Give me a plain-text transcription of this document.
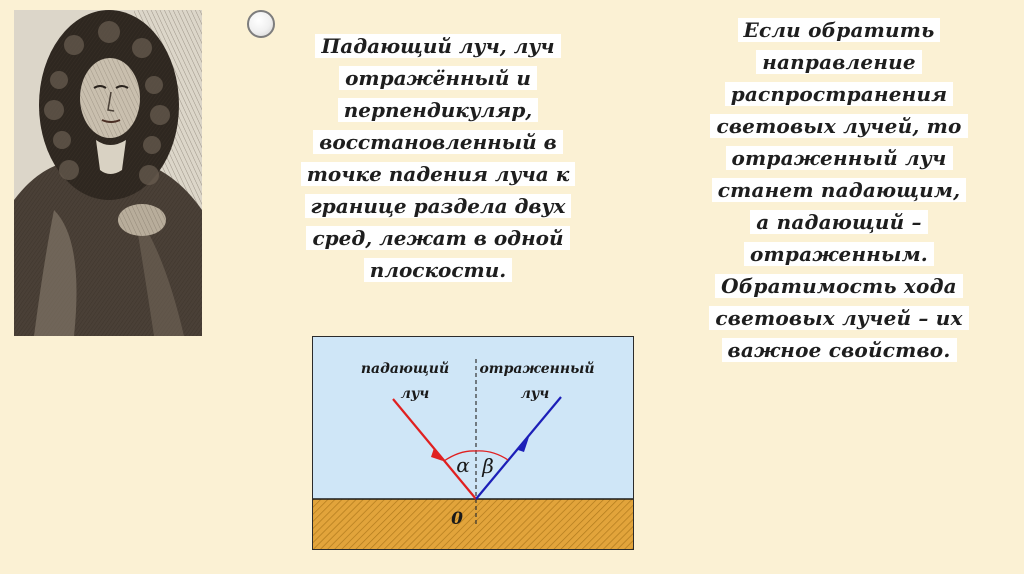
Падающий луч, луч
отражённый и
перпендикуляр,
восстановленный в
точке падения луча к
границе раздела двух
сред, лежат в одной
плоскости.
Если обратить
направление
распространения
световых лучей, то
отраженный луч
станет падающим,
а падающий –
отраженным.
Обратимость хода
световых лучей – их
важное свойство.
падающий
луч
отраженный
луч
α β
0
